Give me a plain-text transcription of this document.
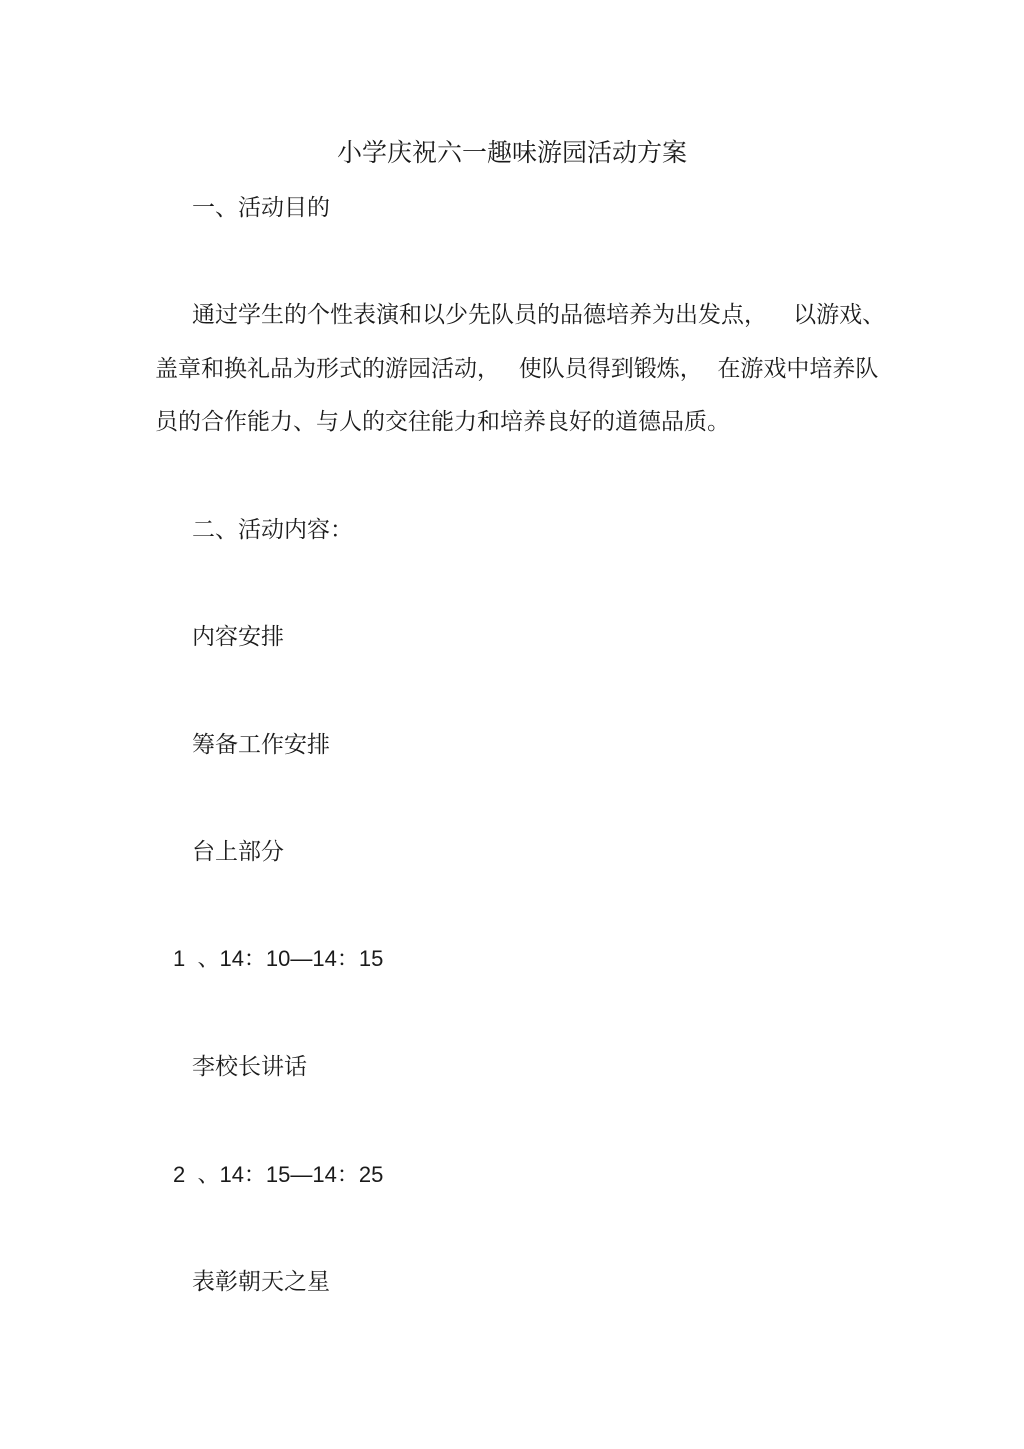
小学庆祝六一趣味游园活动方案
一、活动目的
通过学生的个性表演和以少先队员的品德培养为出发点，　  以游戏、
盖章和换礼品为形式的游园活动，　 使队员得到锻炼，  在游戏中培养队
员的合作能力、与人的交往能力和培养良好的道德品质。
二、活动内容：
内容安排
筹备工作安排
台上部分
1  、14：10—14：15
李校长讲话
2  、14：15—14：25
表彰朝天之星
